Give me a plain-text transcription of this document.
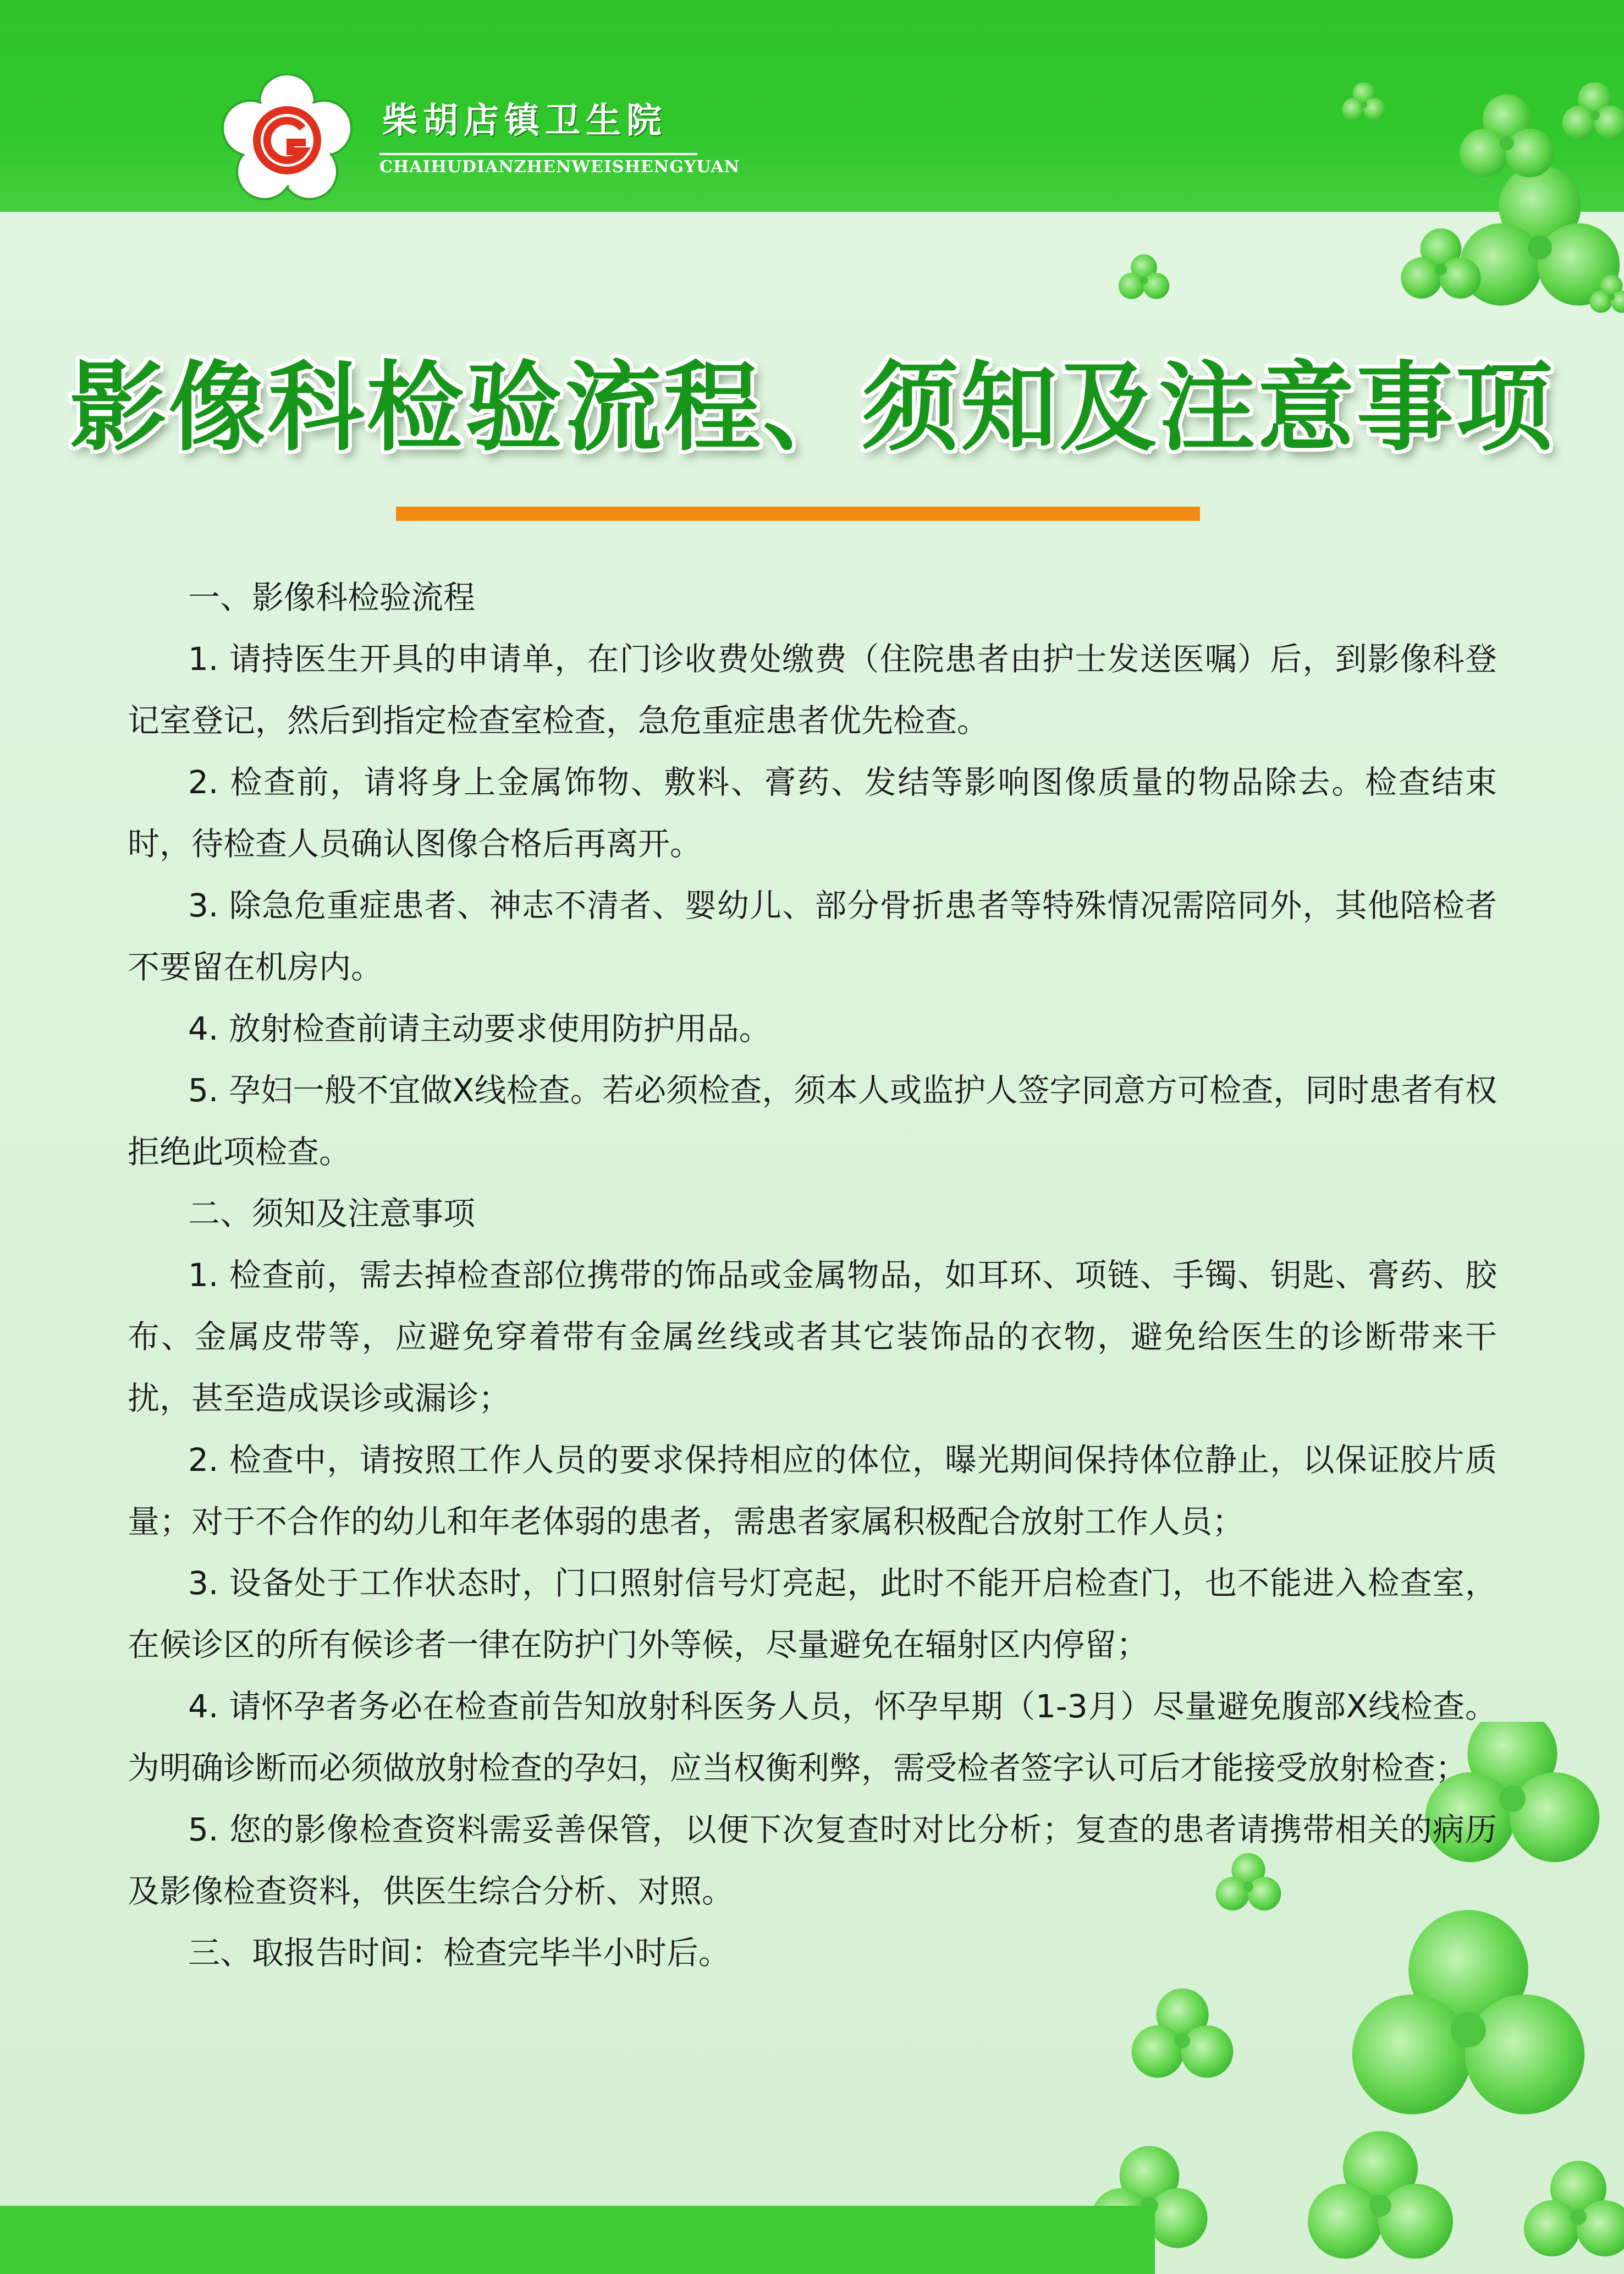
柴胡店镇卫生院
CHAIHUDIANZHENWEISHENGYUAN
影像科检验流程、须知及注意事项

一、影像科检验流程

1. 请持医生开具的申请单，在门诊收费处缴费（住院患者由护士发送医嘱）后，到影像科登记室登记，然后到指定检查室检查，急危重症患者优先检查。

2. 检查前，请将身上金属饰物、敷料、膏药、发结等影响图像质量的物品除去。检查结束时，待检查人员确认图像合格后再离开。

3. 除急危重症患者、神志不清者、婴幼儿、部分骨折患者等特殊情况需陪同外，其他陪检者不要留在机房内。

4. 放射检查前请主动要求使用防护用品。

5. 孕妇一般不宜做X线检查。若必须检查，须本人或监护人签字同意方可检查，同时患者有权拒绝此项检查。

二、须知及注意事项

1. 检查前，需去掉检查部位携带的饰品或金属物品，如耳环、项链、手镯、钥匙、膏药、胶布、金属皮带等，应避免穿着带有金属丝线或者其它装饰品的衣物，避免给医生的诊断带来干扰，甚至造成误诊或漏诊；

2. 检查中，请按照工作人员的要求保持相应的体位，曝光期间保持体位静止，以保证胶片质量；对于不合作的幼儿和年老体弱的患者，需患者家属积极配合放射工作人员；

3. 设备处于工作状态时，门口照射信号灯亮起，此时不能开启检查门，也不能进入检查室，在候诊区的所有候诊者一律在防护门外等候，尽量避免在辐射区内停留；

4. 请怀孕者务必在检查前告知放射科医务人员，怀孕早期（1-3月）尽量避免腹部X线检查。为明确诊断而必须做放射检查的孕妇，应当权衡利弊，需受检者签字认可后才能接受放射检查；

5. 您的影像检查资料需妥善保管，以便下次复查时对比分析；复查的患者请携带相关的病历及影像检查资料，供医生综合分析、对照。

三、取报告时间：检查完毕半小时后。
